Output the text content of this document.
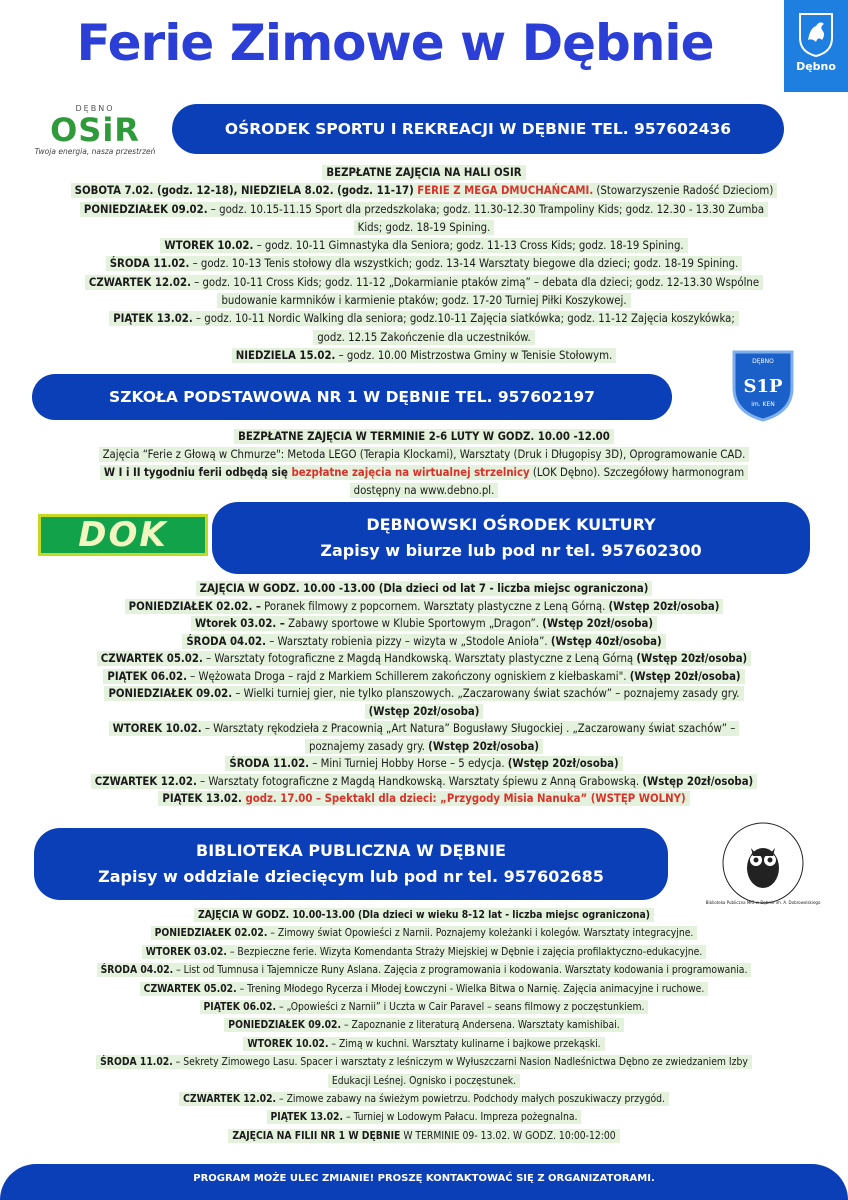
Ferie Zimowe w Dębnie	Dębno
DĘBNO
OSiR
Twoja energia, nasza przestrzeń
OŚRODEK SPORTU I REKREACJI W DĘBNIE TEL. 957602436
BEZPŁATNE ZAJĘCIA NA HALI OSIR
SOBOTA 7.02. (godz. 12-18), NIEDZIELA 8.02. (godz. 11-17) FERIE Z MEGA DMUCHAŃCAMI. (Stowarzyszenie Radość Dzieciom)
PONIEDZIAŁEK 09.02. – godz. 10.15-11.15 Sport dla przedszkolaka; godz. 11.30-12.30 Trampoliny Kids; godz. 12.30 - 13.30 Zumba
Kids; godz. 18-19 Spining.
WTOREK 10.02. – godz. 10-11 Gimnastyka dla Seniora; godz. 11-13 Cross Kids; godz. 18-19 Spining.
ŚRODA 11.02. – godz. 10-13 Tenis stołowy dla wszystkich; godz. 13-14 Warsztaty biegowe dla dzieci; godz. 18-19 Spining.
CZWARTEK 12.02. – godz. 10-11 Cross Kids; godz. 11-12 „Dokarmianie ptaków zimą” – debata dla dzieci; godz. 12-13.30 Wspólne
budowanie karmników i karmienie ptaków; godz. 17-20 Turniej Piłki Koszykowej.
PIĄTEK 13.02. – godz. 10-11 Nordic Walking dla seniora; godz.10-11 Zajęcia siatkówka; godz. 11-12 Zajęcia koszykówka;
godz. 12.15 Zakończenie dla uczestników.
NIEDZIELA 15.02. – godz. 10.00 Mistrzostwa Gminy w Tenisie Stołowym.
SZKOŁA PODSTAWOWA NR 1 W DĘBNIE TEL. 957602197
DĘBNO
S1P
im. KEN
BEZPŁATNE ZAJĘCIA W TERMINIE 2-6 LUTY W GODZ. 10.00 -12.00
Zajęcia “Ferie z Głową w Chmurze": Metoda LEGO (Terapia Klockami), Warsztaty (Druk i Długopisy 3D), Oprogramowanie CAD.
W I i II tygodniu ferii odbędą się bezpłatne zajęcia na wirtualnej strzelnicy (LOK Dębno). Szczegółowy harmonogram
dostępny na www.debno.pl.
DOK	DĘBNOWSKI OŚRODEK KULTURY
Zapisy w biurze lub pod nr tel. 957602300
ZAJĘCIA W GODZ. 10.00 -13.00 (Dla dzieci od lat 7 - liczba miejsc ograniczona)
PONIEDZIAŁEK 02.02. – Poranek filmowy z popcornem. Warsztaty plastyczne z Leną Górną. (Wstęp 20zł/osoba)
Wtorek 03.02. – Zabawy sportowe w Klubie Sportowym „Dragon”. (Wstęp 20zł/osoba)
ŚRODA 04.02. – Warsztaty robienia pizzy – wizyta w „Stodole Anioła”. (Wstęp 40zł/osoba)
CZWARTEK 05.02. – Warsztaty fotograficzne z Magdą Handkowską. Warsztaty plastyczne z Leną Górną (Wstęp 20zł/osoba)
PIĄTEK 06.02. – Wężowata Droga – rajd z Markiem Schillerem zakończony ogniskiem z kiełbaskami". (Wstęp 20zł/osoba)
PONIEDZIAŁEK 09.02. – Wielki turniej gier, nie tylko planszowych. „Zaczarowany świat szachów” – poznajemy zasady gry.
(Wstęp 20zł/osoba)
WTOREK 10.02. – Warsztaty rękodzieła z Pracownią „Art Natura” Bogusławy Sługockiej . „Zaczarowany świat szachów” –
poznajemy zasady gry. (Wstęp 20zł/osoba)
ŚRODA 11.02. – Mini Turniej Hobby Horse – 5 edycja. (Wstęp 20zł/osoba)
CZWARTEK 12.02. – Warsztaty fotograficzne z Magdą Handkowską. Warsztaty śpiewu z Anną Grabowską. (Wstęp 20zł/osoba)
PIĄTEK 13.02. godz. 17.00 – Spektakl dla dzieci: „Przygody Misia Nanuka” (WSTĘP WOLNY)
BIBLIOTEKA PUBLICZNA W DĘBNIE
Zapisy w oddziale dziecięcym lub pod nr tel. 957602685
Biblioteka Publiczna MiG w Dębnie im. A. Dobrowolskiego
ZAJĘCIA W GODZ. 10.00-13.00 (Dla dzieci w wieku 8-12 lat - liczba miejsc ograniczona)
PONIEDZIAŁEK 02.02. – Zimowy świat Opowieści z Narnii. Poznajemy koleżanki i kolegów. Warsztaty integracyjne.
WTOREK 03.02. – Bezpieczne ferie. Wizyta Komendanta Straży Miejskiej w Dębnie i zajęcia profilaktyczno-edukacyjne.
ŚRODA 04.02. – List od Tumnusa i Tajemnicze Runy Aslana. Zajęcia z programowania i kodowania. Warsztaty kodowania i programowania.
CZWARTEK 05.02. – Trening Młodego Rycerza i Młodej Łowczyni - Wielka Bitwa o Narnię. Zajęcia animacyjne i ruchowe.
PIĄTEK 06.02. – „Opowieści z Narnii” i Uczta w Cair Paravel – seans filmowy z poczęstunkiem.
PONIEDZIAŁEK 09.02. – Zapoznanie z literaturą Andersena. Warsztaty kamishibai.
WTOREK 10.02. – Zimą w kuchni. Warsztaty kulinarne i bajkowe przekąski.
ŚRODA 11.02. – Sekrety Zimowego Lasu. Spacer i warsztaty z leśniczym w Wyłuszczarni Nasion Nadleśnictwa Dębno ze zwiedzaniem Izby
Edukacji Leśnej. Ognisko i poczęstunek.
CZWARTEK 12.02. – Zimowe zabawy na świeżym powietrzu. Podchody małych poszukiwaczy przygód.
PIĄTEK 13.02. – Turniej w Lodowym Pałacu. Impreza pożegnalna.
ZAJĘCIA NA FILII NR 1 W DĘBNIE W TERMINIE 09- 13.02. W GODZ. 10:00-12:00
PROGRAM MOŻE ULEC ZMIANIE! PROSZĘ KONTAKTOWAĆ SIĘ Z ORGANIZATORAMI.
